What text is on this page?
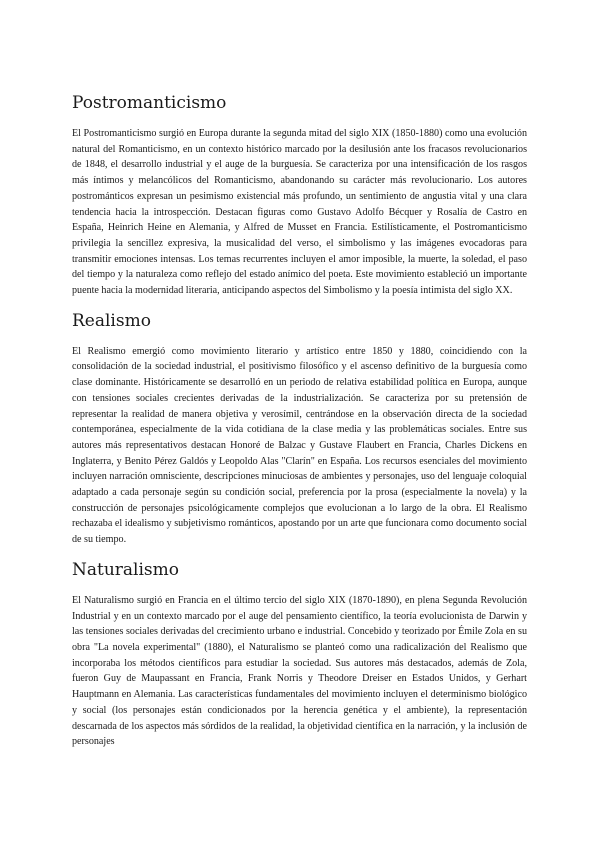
Postromanticismo

El Postromanticismo surgió en Europa durante la segunda mitad del siglo XIX (1850-1880) como una evolución natural del Romanticismo, en un contexto histórico marcado por la desilusión ante los fracasos revolucionarios de 1848, el desarrollo industrial y el auge de la burguesía. Se caracteriza por una intensificación de los rasgos más íntimos y melancólicos del Romanticismo, abandonando su carácter más revolucionario. Los autores postrománticos expresan un pesimismo existencial más profundo, un sentimiento de angustia vital y una clara tendencia hacia la introspección. Destacan figuras como Gustavo Adolfo Bécquer y Rosalía de Castro en España, Heinrich Heine en Alemania, y Alfred de Musset en Francia. Estilísticamente, el Postromanticismo privilegia la sencillez expresiva, la musicalidad del verso, el simbolismo y las imágenes evocadoras para transmitir emociones intensas. Los temas recurrentes incluyen el amor imposible, la muerte, la soledad, el paso del tiempo y la naturaleza como reflejo del estado anímico del poeta. Este movimiento estableció un importante puente hacia la modernidad literaria, anticipando aspectos del Simbolismo y la poesía intimista del siglo XX.

Realismo

El Realismo emergió como movimiento literario y artístico entre 1850 y 1880, coincidiendo con la consolidación de la sociedad industrial, el positivismo filosófico y el ascenso definitivo de la burguesía como clase dominante. Históricamente se desarrolló en un periodo de relativa estabilidad política en Europa, aunque con tensiones sociales crecientes derivadas de la industrialización. Se caracteriza por su pretensión de representar la realidad de manera objetiva y verosímil, centrándose en la observación directa de la sociedad contemporánea, especialmente de la vida cotidiana de la clase media y las problemáticas sociales. Entre sus autores más representativos destacan Honoré de Balzac y Gustave Flaubert en Francia, Charles Dickens en Inglaterra, y Benito Pérez Galdós y Leopoldo Alas "Clarín" en España. Los recursos esenciales del movimiento incluyen narración omnisciente, descripciones minuciosas de ambientes y personajes, uso del lenguaje coloquial adaptado a cada personaje según su condición social, preferencia por la prosa (especialmente la novela) y la construcción de personajes psicológicamente complejos que evolucionan a lo largo de la obra. El Realismo rechazaba el idealismo y subjetivismo románticos, apostando por un arte que funcionara como documento social de su tiempo.

Naturalismo

El Naturalismo surgió en Francia en el último tercio del siglo XIX (1870-1890), en plena Segunda Revolución Industrial y en un contexto marcado por el auge del pensamiento científico, la teoría evolucionista de Darwin y las tensiones sociales derivadas del crecimiento urbano e industrial. Concebido y teorizado por Émile Zola en su obra "La novela experimental" (1880), el Naturalismo se planteó como una radicalización del Realismo que incorporaba los métodos científicos para estudiar la sociedad. Sus autores más destacados, además de Zola, fueron Guy de Maupassant en Francia, Frank Norris y Theodore Dreiser en Estados Unidos, y Gerhart Hauptmann en Alemania. Las características fundamentales del movimiento incluyen el determinismo biológico y social (los personajes están condicionados por la herencia genética y el ambiente), la representación descarnada de los aspectos más sórdidos de la realidad, la objetividad científica en la narración, y la inclusión de personajes
